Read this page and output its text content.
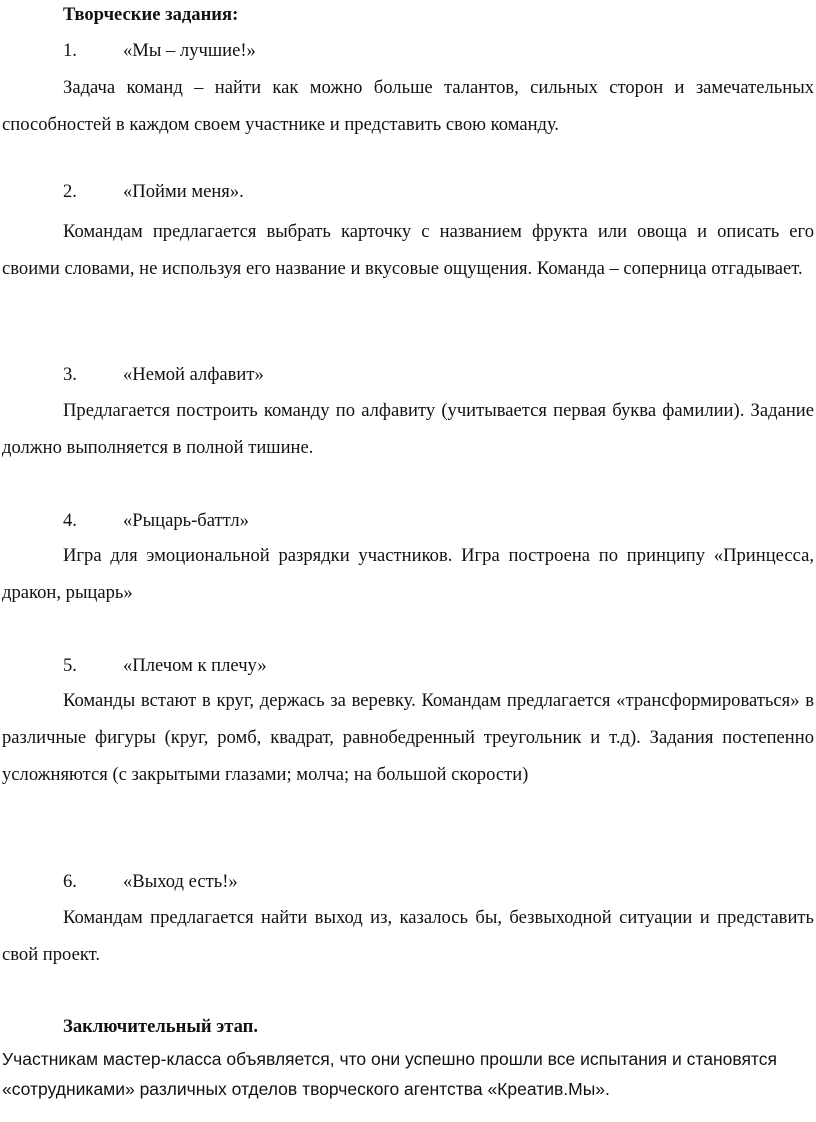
Творческие задания:
1. «Мы – лучшие!»

Задача команд – найти как можно больше талантов, сильных сторон и замечательных способностей в каждом своем участнике и представить свою команду.

2. «Пойми меня».

Командам предлагается выбрать карточку с названием фрукта или овоща и описать его своими словами, не используя его название и вкусовые ощущения. Команда – соперница отгадывает.

3. «Немой алфавит»

Предлагается построить команду по алфавиту (учитывается первая буква фамилии). Задание должно выполняется в полной тишине.

4. «Рыцарь-баттл»

Игра для эмоциональной разрядки участников. Игра построена по принципу «Принцесса, дракон, рыцарь»

5. «Плечом к плечу»

Команды встают в круг, держась за веревку. Командам предлагается «трансформироваться» в различные фигуры (круг, ромб, квадрат, равнобедренный треугольник и т.д). Задания постепенно усложняются (с закрытыми глазами; молча; на большой скорости)

6. «Выход есть!»

Командам предлагается найти выход из, казалось бы, безвыходной ситуации и представить свой проект.

Заключительный этап.

Участникам мастер-класса объявляется, что они успешно прошли все испытания и становятся «сотрудниками» различных отделов творческого агентства «Креатив.Мы».
